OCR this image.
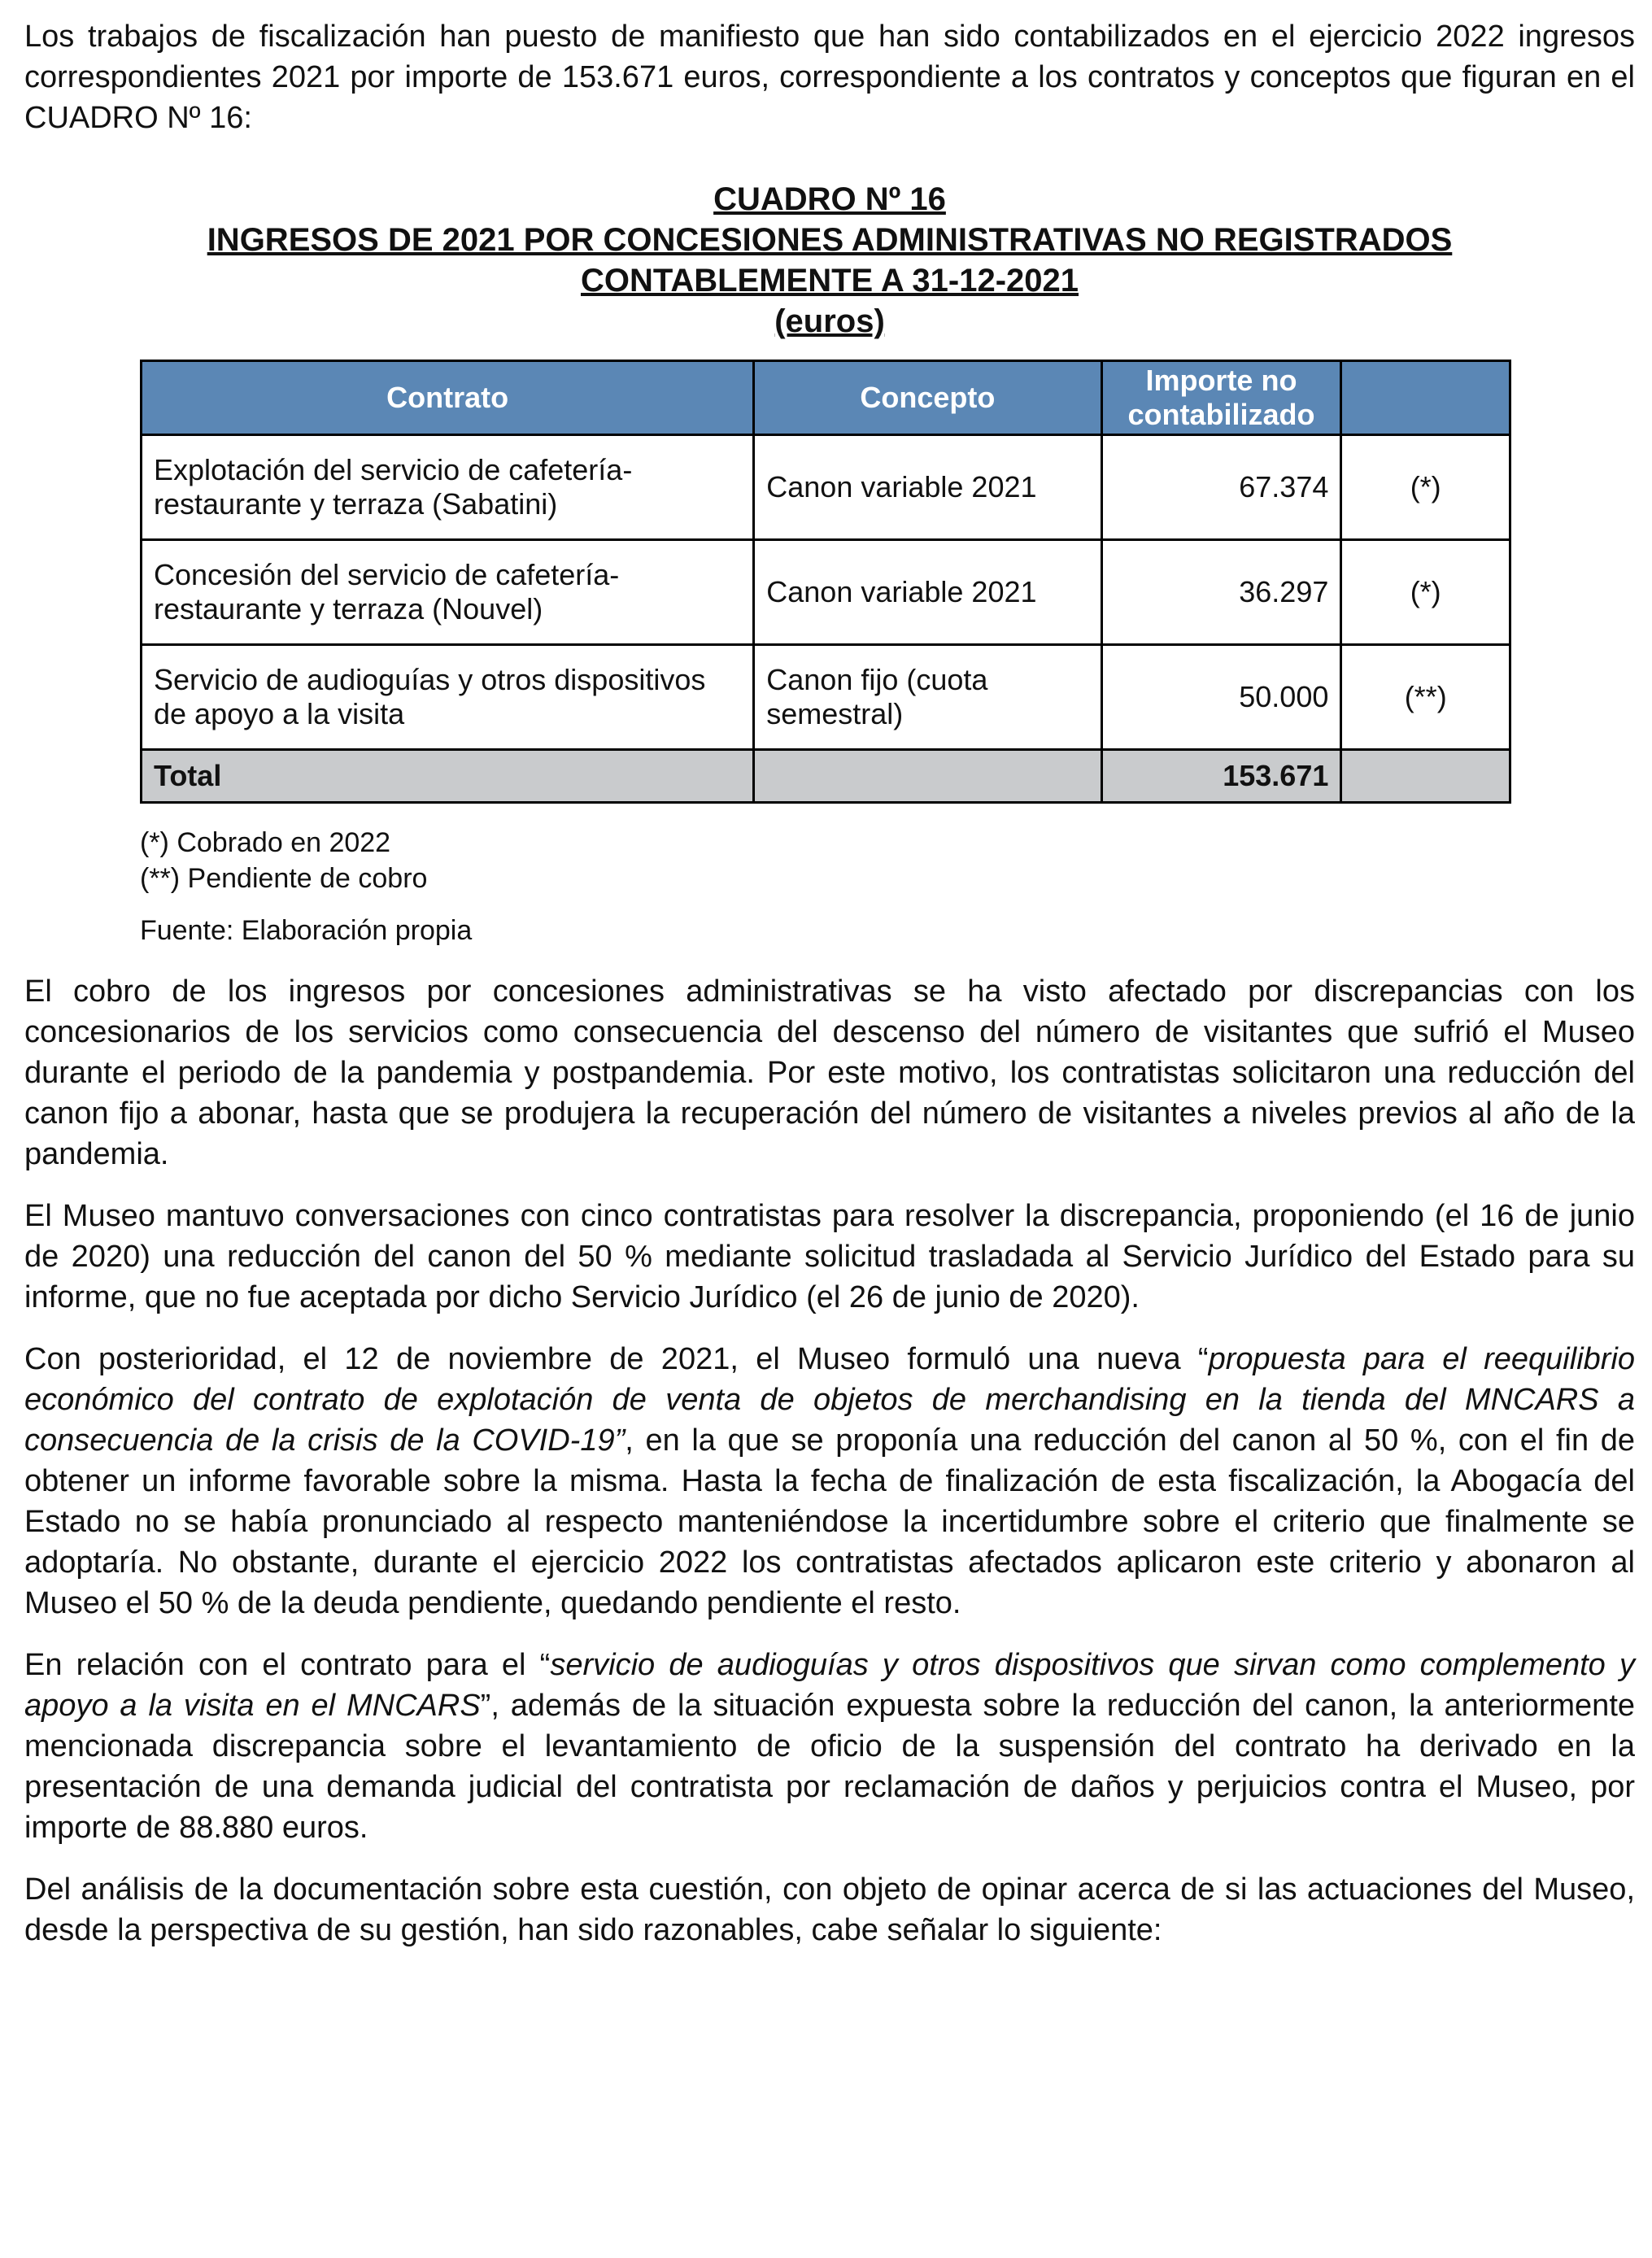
Los trabajos de fiscalización han puesto de manifiesto que han sido contabilizados en el ejercicio 2022 ingresos correspondientes 2021 por importe de 153.671 euros, correspondiente a los contratos y conceptos que figuran en el CUADRO Nº 16:

CUADRO Nº 16
INGRESOS DE 2021 POR CONCESIONES ADMINISTRATIVAS NO REGISTRADOS
CONTABLEMENTE A 31-12-2021
(euros)
Contrato	Concepto	Importe no contabilizado	
Explotación del servicio de cafetería-restaurante y terraza (Sabatini)	Canon variable 2021	67.374	(*)
Concesión del servicio de cafetería-restaurante y terraza (Nouvel)	Canon variable 2021	36.297	(*)
Servicio de audioguías y otros dispositivos de apoyo a la visita	Canon fijo (cuota semestral)	50.000	(**)
Total		153.671	
(*) Cobrado en 2022
(**) Pendiente de cobro
Fuente: Elaboración propia

El cobro de los ingresos por concesiones administrativas se ha visto afectado por discrepancias con los concesionarios de los servicios como consecuencia del descenso del número de visitantes que sufrió el Museo durante el periodo de la pandemia y postpandemia. Por este motivo, los contratistas solicitaron una reducción del canon fijo a abonar, hasta que se produjera la recuperación del número de visitantes a niveles previos al año de la pandemia.

El Museo mantuvo conversaciones con cinco contratistas para resolver la discrepancia, proponiendo (el 16 de junio de 2020) una reducción del canon del 50 % mediante solicitud trasladada al Servicio Jurídico del Estado para su informe, que no fue aceptada por dicho Servicio Jurídico (el 26 de junio de 2020).

Con posterioridad, el 12 de noviembre de 2021, el Museo formuló una nueva “propuesta para el reequilibrio económico del contrato de explotación de venta de objetos de merchandising en la tienda del MNCARS a consecuencia de la crisis de la COVID-19”, en la que se proponía una reducción del canon al 50 %, con el fin de obtener un informe favorable sobre la misma. Hasta la fecha de finalización de esta fiscalización, la Abogacía del Estado no se había pronunciado al respecto manteniéndose la incertidumbre sobre el criterio que finalmente se adoptaría. No obstante, durante el ejercicio 2022 los contratistas afectados aplicaron este criterio y abonaron al Museo el 50 % de la deuda pendiente, quedando pendiente el resto.

En relación con el contrato para el “servicio de audioguías y otros dispositivos que sirvan como complemento y apoyo a la visita en el MNCARS”, además de la situación expuesta sobre la reducción del canon, la anteriormente mencionada discrepancia sobre el levantamiento de oficio de la suspensión del contrato ha derivado en la presentación de una demanda judicial del contratista por reclamación de daños y perjuicios contra el Museo, por importe de 88.880 euros.

Del análisis de la documentación sobre esta cuestión, con objeto de opinar acerca de si las actuaciones del Museo, desde la perspectiva de su gestión, han sido razonables, cabe señalar lo siguiente:
